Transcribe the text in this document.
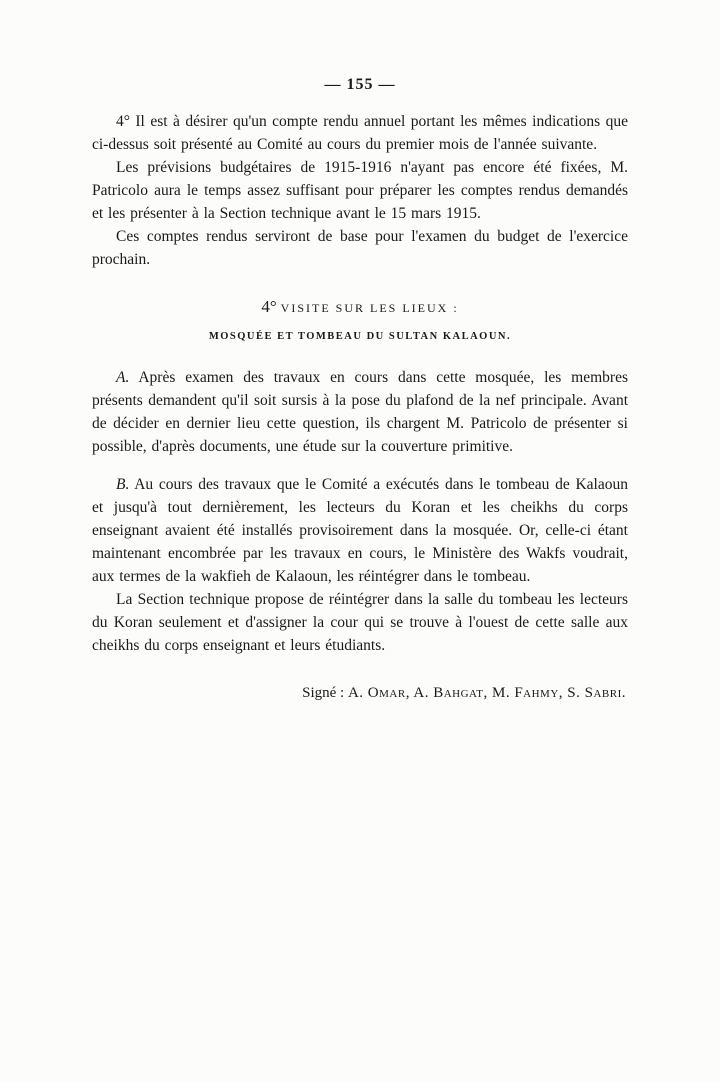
— 155 —

4° Il est à désirer qu'un compte rendu annuel portant les mêmes indications que ci-dessus soit présenté au Comité au cours du premier mois de l'année suivante.

Les prévisions budgétaires de 1915-1916 n'ayant pas encore été fixées, M. Patricolo aura le temps assez suffisant pour préparer les comptes rendus demandés et les présenter à la Section technique avant le 15 mars 1915.

Ces comptes rendus serviront de base pour l'examen du budget de l'exercice prochain.

4° VISITE SUR LES LIEUX :
MOSQUÉE ET TOMBEAU DU SULTAN KALAOUN.

A. Après examen des travaux en cours dans cette mosquée, les membres présents demandent qu'il soit sursis à la pose du plafond de la nef principale. Avant de décider en dernier lieu cette question, ils chargent M. Patricolo de présenter si possible, d'après documents, une étude sur la couverture primitive.

B. Au cours des travaux que le Comité a exécutés dans le tombeau de Kalaoun et jusqu'à tout dernièrement, les lecteurs du Koran et les cheikhs du corps enseignant avaient été installés provisoirement dans la mosquée. Or, celle-ci étant maintenant encombrée par les travaux en cours, le Ministère des Wakfs voudrait, aux termes de la wakfieh de Kalaoun, les réintégrer dans le tombeau.

La Section technique propose de réintégrer dans la salle du tombeau les lecteurs du Koran seulement et d'assigner la cour qui se trouve à l'ouest de cette salle aux cheikhs du corps enseignant et leurs étudiants.

Signé : A. Omar, A. Bahgat, M. Fahmy, S. Sabri.
